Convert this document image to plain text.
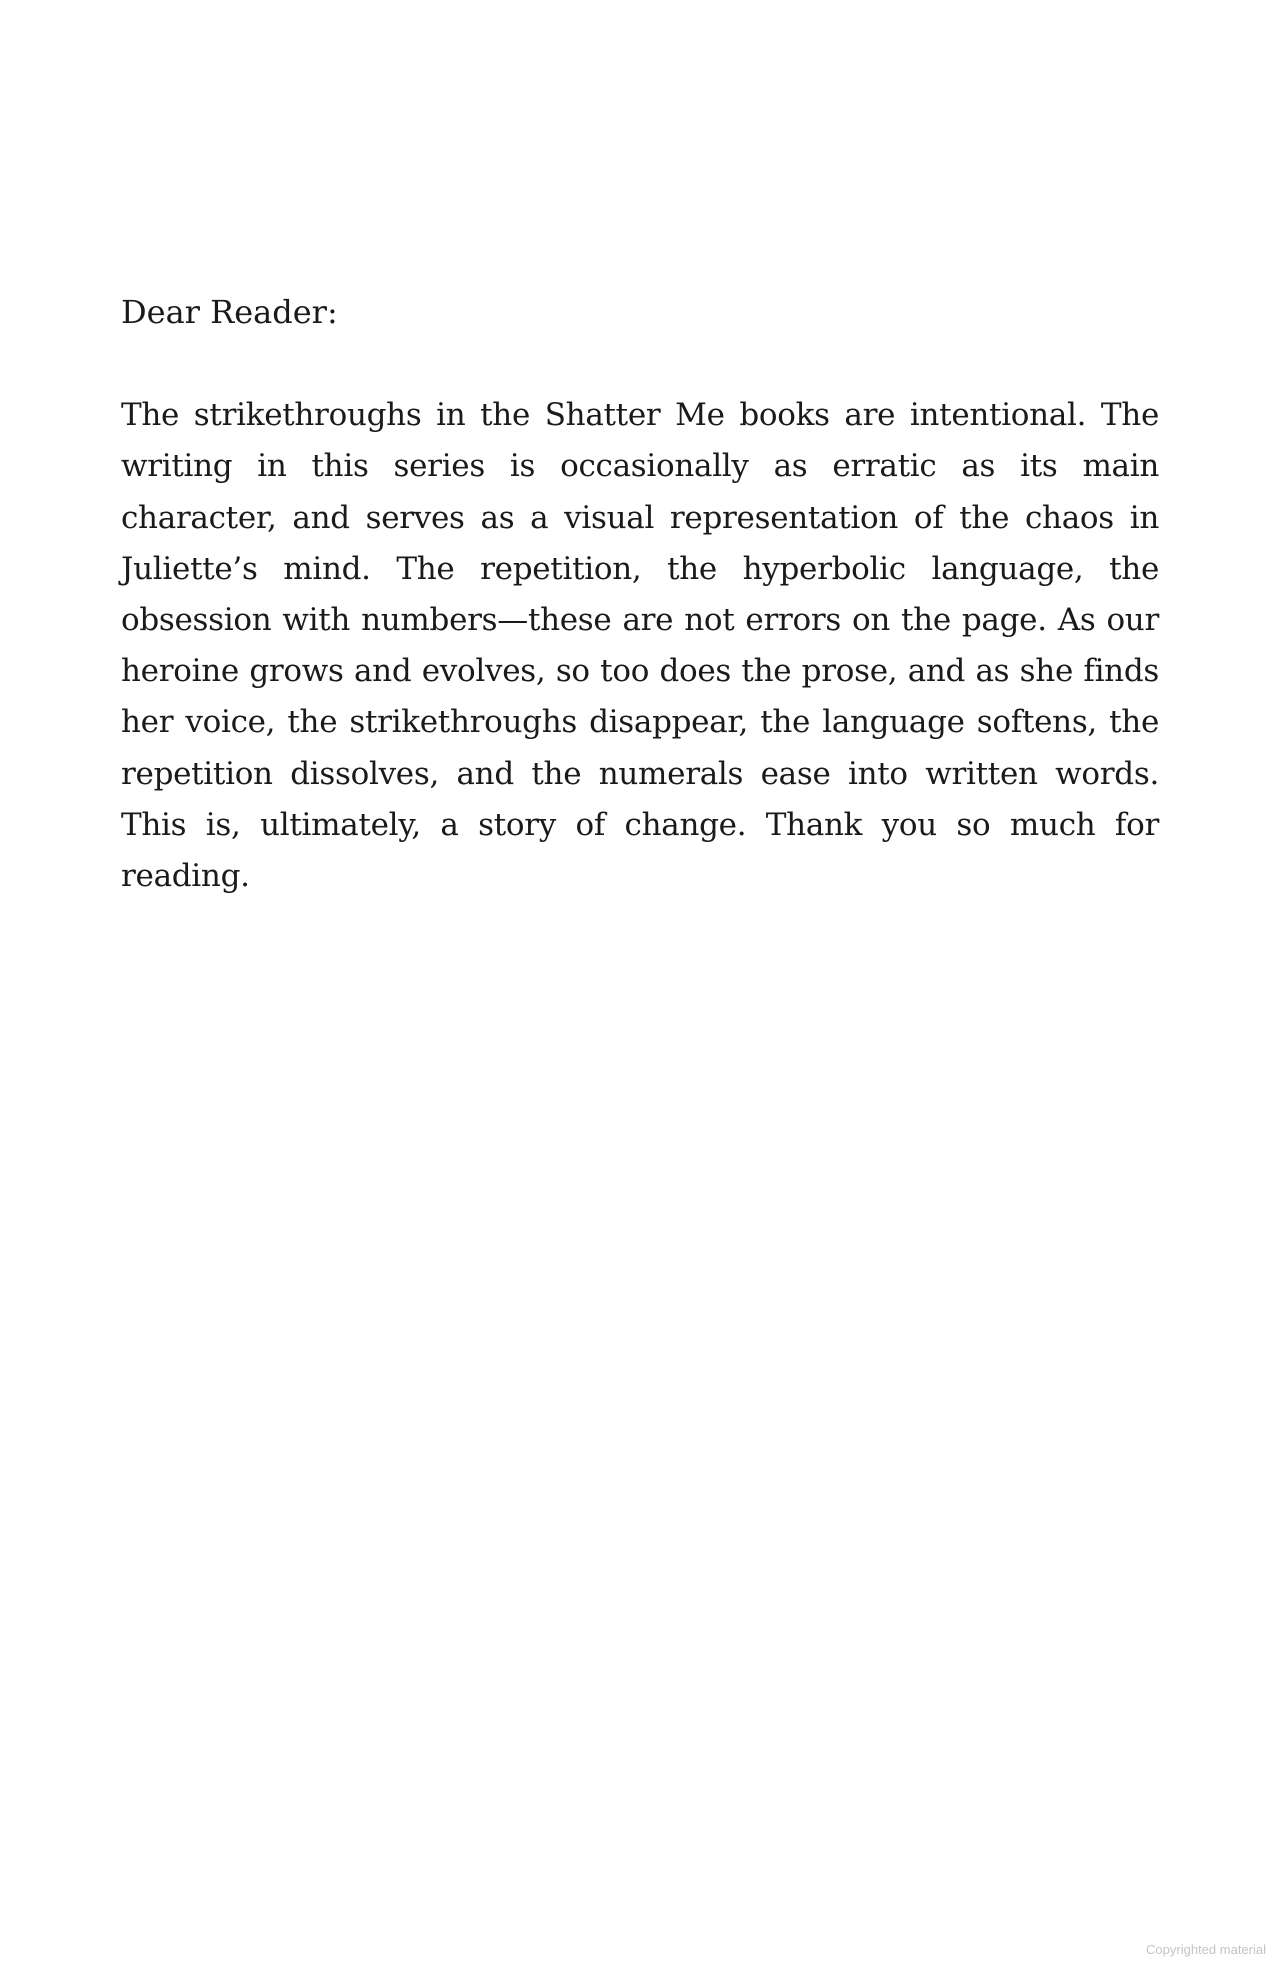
Dear Reader:

The strikethroughs in the Shatter Me books are intentional. The writing in this series is occasionally as erratic as its main character, and serves as a visual representation of the chaos in Juliette’s mind. The repetition, the hyperbolic language, the obsession with numbers—these are not errors on the page. As our heroine grows and evolves, so too does the prose, and as she finds her voice, the strikethroughs disappear, the language softens, the repetition dissolves, and the numerals ease into written words. This is, ultimately, a story of change. Thank you so much for reading.

Copyrighted material
